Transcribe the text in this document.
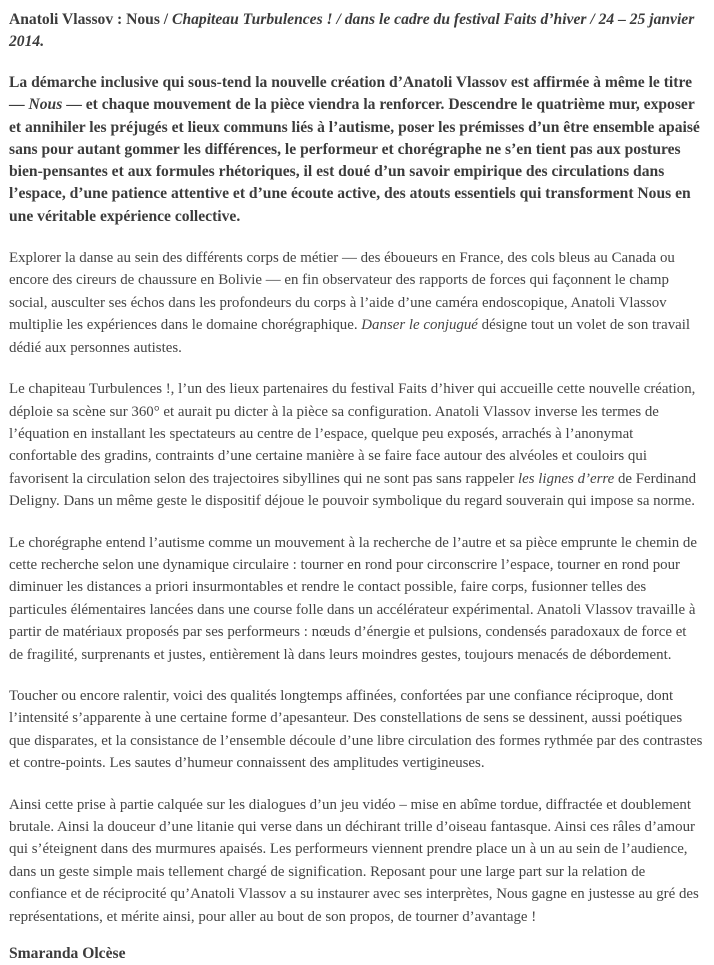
Anatoli Vlassov : Nous / Chapiteau Turbulences ! / dans le cadre du festival Faits d’hiver / 24 – 25 janvier 2014.

La démarche inclusive qui sous-tend la nouvelle création d’Anatoli Vlassov est affirmée à même le titre — Nous — et chaque mouvement de la pièce viendra la renforcer. Descendre le quatrième mur, exposer et annihiler les préjugés et lieux communs liés à l’autisme, poser les prémisses d’un être ensemble apaisé sans pour autant gommer les différences, le performeur et chorégraphe ne s’en tient pas aux postures bien-pensantes et aux formules rhétoriques, il est doué d’un savoir empirique des circulations dans l’espace, d’une patience attentive et d’une écoute active, des atouts essentiels qui transforment Nous en une véritable expérience collective.

Explorer la danse au sein des différents corps de métier — des éboueurs en France, des cols bleus au Canada ou encore des cireurs de chaussure en Bolivie — en fin observateur des rapports de forces qui façonnent le champ social, ausculter ses échos dans les profondeurs du corps à l’aide d’une caméra endoscopique, Anatoli Vlassov multiplie les expériences dans le domaine chorégraphique. Danser le conjugué désigne tout un volet de son travail dédié aux personnes autistes.

Le chapiteau Turbulences !, l’un des lieux partenaires du festival Faits d’hiver qui accueille cette nouvelle création, déploie sa scène sur 360° et aurait pu dicter à la pièce sa configuration. Anatoli Vlassov inverse les termes de l’équation en installant les spectateurs au centre de l’espace, quelque peu exposés, arrachés à l’anonymat confortable des gradins, contraints d’une certaine manière à se faire face autour des alvéoles et couloirs qui favorisent la circulation selon des trajectoires sibyllines qui ne sont pas sans rappeler les lignes d’erre de Ferdinand Deligny. Dans un même geste le dispositif déjoue le pouvoir symbolique du regard souverain qui impose sa norme.

Le chorégraphe entend l’autisme comme un mouvement à la recherche de l’autre et sa pièce emprunte le chemin de cette recherche selon une dynamique circulaire : tourner en rond pour circonscrire l’espace, tourner en rond pour diminuer les distances a priori insurmontables et rendre le contact possible, faire corps, fusionner telles des particules élémentaires lancées dans une course folle dans un accélérateur expérimental. Anatoli Vlassov travaille à partir de matériaux proposés par ses performeurs : nœuds d’énergie et pulsions, condensés paradoxaux de force et de fragilité, surprenants et justes, entièrement là dans leurs moindres gestes, toujours menacés de débordement.

Toucher ou encore ralentir, voici des qualités longtemps affinées, confortées par une confiance réciproque, dont l’intensité s’apparente à une certaine forme d’apesanteur. Des constellations de sens se dessinent, aussi poétiques que disparates, et la consistance de l’ensemble découle d’une libre circulation des formes rythmée par des contrastes et contre-points. Les sautes d’humeur connaissent des amplitudes vertigineuses.

Ainsi cette prise à partie calquée sur les dialogues d’un jeu vidéo – mise en abîme tordue, diffractée et doublement brutale. Ainsi la douceur d’une litanie qui verse dans un déchirant trille d’oiseau fantasque. Ainsi ces râles d’amour qui s’éteignent dans des murmures apaisés. Les performeurs viennent prendre place un à un au sein de l’audience, dans un geste simple mais tellement chargé de signification. Reposant pour une large part sur la relation de confiance et de réciprocité qu’Anatoli Vlassov a su instaurer avec ses interprètes, Nous gagne en justesse au gré des représentations, et mérite ainsi, pour aller au bout de son propos, de tourner d’avantage !

Smaranda Olcèse
